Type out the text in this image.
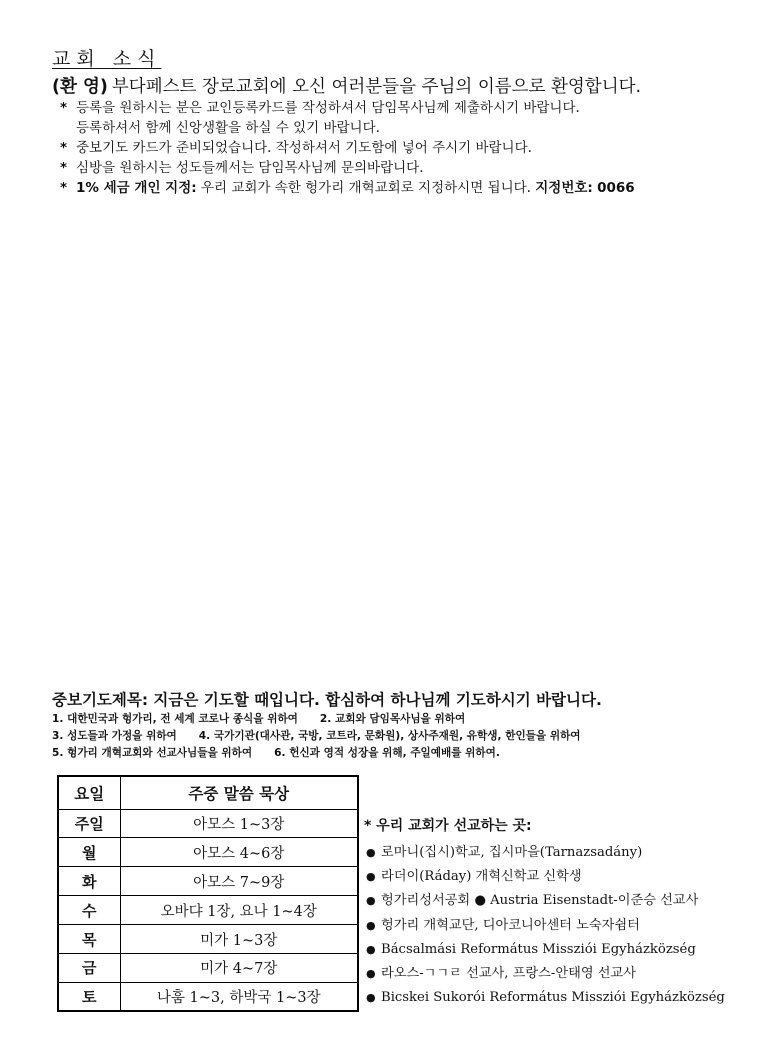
교회 소식
(환 영) 부다페스트 장로교회에 오신 여러분들을 주님의 이름으로 환영합니다.
* 등록을 원하시는 분은 교인등록카드를 작성하셔서 담임목사님께 제출하시기 바랍니다.
등록하셔서 함께 신앙생활을 하실 수 있기 바랍니다.
* 중보기도 카드가 준비되었습니다. 작성하셔서 기도함에 넣어 주시기 바랍니다.
* 심방을 원하시는 성도들께서는 담임목사님께 문의바랍니다.
* 1% 세금 개인 지정: 우리 교회가 속한 헝가리 개혁교회로 지정하시면 됩니다. 지정번호: 0066
중보기도제목: 지금은 기도할 때입니다. 합심하여 하나님께 기도하시기 바랍니다.
1. 대한민국과 헝가리, 전 세계 코로나 종식을 위하여 2. 교회와 담임목사님을 위하여
3. 성도들과 가정을 위하여 4. 국가기관(대사관, 국방, 코트라, 문화원), 상사주재원, 유학생, 한인들을 위하여
5. 헝가리 개혁교회와 선교사님들을 위하여 6. 헌신과 영적 성장을 위해, 주일예배를 위하여.
요일	주중 말씀 묵상
주일	아모스 1~3장
월	아모스 4~6장
화	아모스 7~9장
수	오바댜 1장, 요나 1~4장
목	미가 1~3장
금	미가 4~7장
토	나훔 1~3, 하박국 1~3장
* 우리 교회가 선교하는 곳:
● 로마니(집시)학교, 집시마을(Tarnazsadány)
● 라더이(Ráday) 개혁신학교 신학생
● 헝가리성서공회 ● Austria Eisenstadt-이준승 선교사
● 헝가리 개혁교단, 디아코니아센터 노숙자쉼터
● Bácsalmási Református Missziói Egyházközség
● 라오스-ㄱㄱㄹ 선교사, 프랑스-안태영 선교사
● Bicskei Sukorói Református Missziói Egyházközség
